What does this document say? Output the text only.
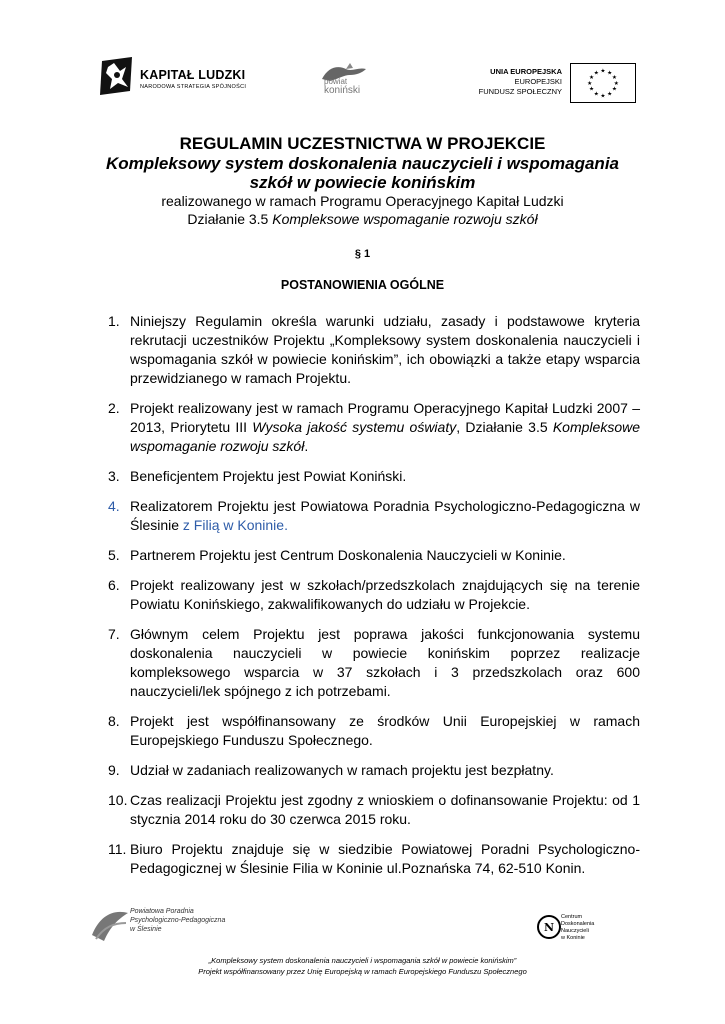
KAPITAŁ LUDZKI
NARODOWA STRATEGIA SPÓJNOŚCI
powiat
koniński
UNIA EUROPEJSKA
EUROPEJSKI
FUNDUSZ SPOŁECZNY
★ ★
★
★
★
★
★
★
★
★
★
★
REGULAMIN UCZESTNICTWA W PROJEKCIE
Kompleksowy system doskonalenia nauczycieli i wspomagania
szkół w powiecie konińskim
realizowanego w ramach Programu Operacyjnego Kapitał Ludzki
Działanie 3.5 Kompleksowe wspomaganie rozwoju szkół
§ 1
POSTANOWIENIA OGÓLNE
1. Niniejszy Regulamin określa warunki udziału, zasady i podstawowe kryteria rekrutacji uczestników Projektu „Kompleksowy system doskonalenia nauczycieli i wspomagania szkół w powiecie konińskim”, ich obowiązki a także etapy wsparcia przewidzianego w ramach Projektu.
2. Projekt realizowany jest w ramach Programu Operacyjnego Kapitał Ludzki 2007 – 2013, Priorytetu III Wysoka jakość systemu oświaty, Działanie 3.5 Kompleksowe wspomaganie rozwoju szkół.
3. Beneficjentem Projektu jest Powiat Koniński.
4. Realizatorem Projektu jest Powiatowa Poradnia Psychologiczno-Pedagogiczna w Ślesinie z Filią w Koninie.
5. Partnerem Projektu jest Centrum Doskonalenia Nauczycieli w Koninie.
6. Projekt realizowany jest w szkołach/przedszkolach znajdujących się na terenie Powiatu Konińskiego, zakwalifikowanych do udziału w Projekcie.
7. Głównym celem Projektu jest poprawa jakości funkcjonowania systemu doskonalenia nauczycieli w powiecie konińskim poprzez realizacje kompleksowego wsparcia w 37 szkołach i 3 przedszkolach oraz 600 nauczycieli/lek spójnego z ich potrzebami.
8. Projekt jest współfinansowany ze środków Unii Europejskiej w ramach Europejskiego Funduszu Społecznego.
9. Udział w zadaniach realizowanych w ramach projektu jest bezpłatny.
10. Czas realizacji Projektu jest zgodny z wnioskiem o dofinansowanie Projektu: od 1 stycznia 2014 roku do 30 czerwca 2015 roku.
11. Biuro Projektu znajduje się w siedzibie Powiatowej Poradni Psychologiczno-Pedagogicznej w Ślesinie Filia w Koninie ul.Poznańska 74, 62-510 Konin.
Powiatowa Poradnia
Psychologiczno-Pedagogiczna
w Ślesinie	N
Centrum
Doskonalenia
Nauczycieli
w Koninie
„Kompleksowy system doskonalenia nauczycieli i wspomagania szkół w powiecie konińskim”
Projekt współfinansowany przez Unię Europejską w ramach Europejskiego Funduszu Społecznego
